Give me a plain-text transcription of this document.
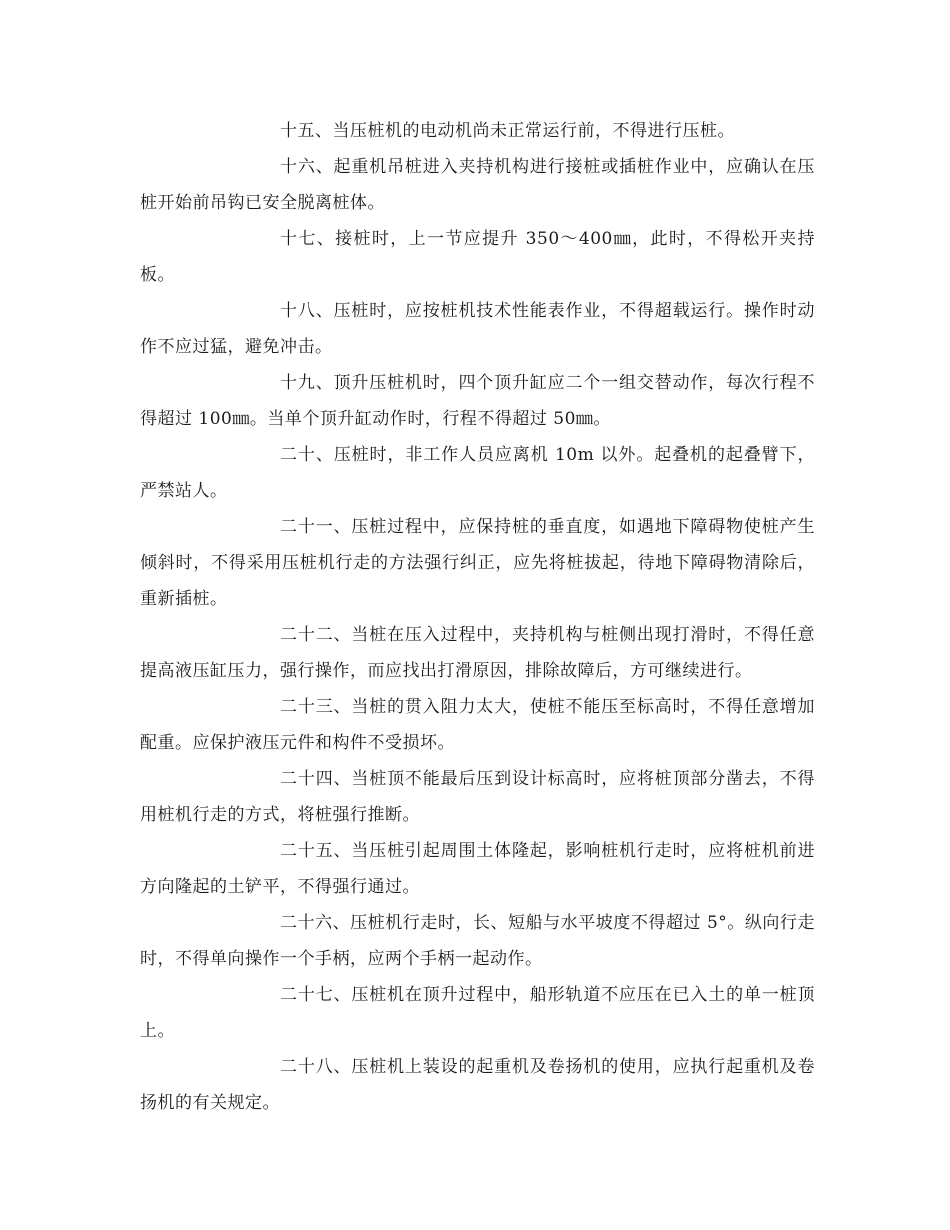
十五、当压桩机的电动机尚未正常运行前，不得进行压桩。

十六、起重机吊桩进入夹持机构进行接桩或插桩作业中，应确认在压桩开始前吊钩已安全脱离桩体。

十七、接桩时，上一节应提升 350～400㎜，此时，不得松开夹持板。

十八、压桩时，应按桩机技术性能表作业，不得超载运行。操作时动作不应过猛，避免冲击。

十九、顶升压桩机时，四个顶升缸应二个一组交替动作，每次行程不得超过 100㎜。当单个顶升缸动作时，行程不得超过 50㎜。

二十、压桩时，非工作人员应离机 10m 以外。起叠机的起叠臂下，严禁站人。

二十一、压桩过程中，应保持桩的垂直度，如遇地下障碍物使桩产生倾斜时，不得采用压桩机行走的方法强行纠正，应先将桩拔起，待地下障碍物清除后，重新插桩。

二十二、当桩在压入过程中，夹持机构与桩侧出现打滑时，不得任意提高液压缸压力，强行操作，而应找出打滑原因，排除故障后，方可继续进行。

二十三、当桩的贯入阻力太大，使桩不能压至标高时，不得任意增加配重。应保护液压元件和构件不受损坏。

二十四、当桩顶不能最后压到设计标高时，应将桩顶部分凿去，不得用桩机行走的方式，将桩强行推断。

二十五、当压桩引起周围土体隆起，影响桩机行走时，应将桩机前进方向隆起的土铲平，不得强行通过。

二十六、压桩机行走时，长、短船与水平坡度不得超过 5°。纵向行走时，不得单向操作一个手柄，应两个手柄一起动作。

二十七、压桩机在顶升过程中，船形轨道不应压在已入土的单一桩顶上。

二十八、压桩机上装设的起重机及卷扬机的使用，应执行起重机及卷扬机的有关规定。
